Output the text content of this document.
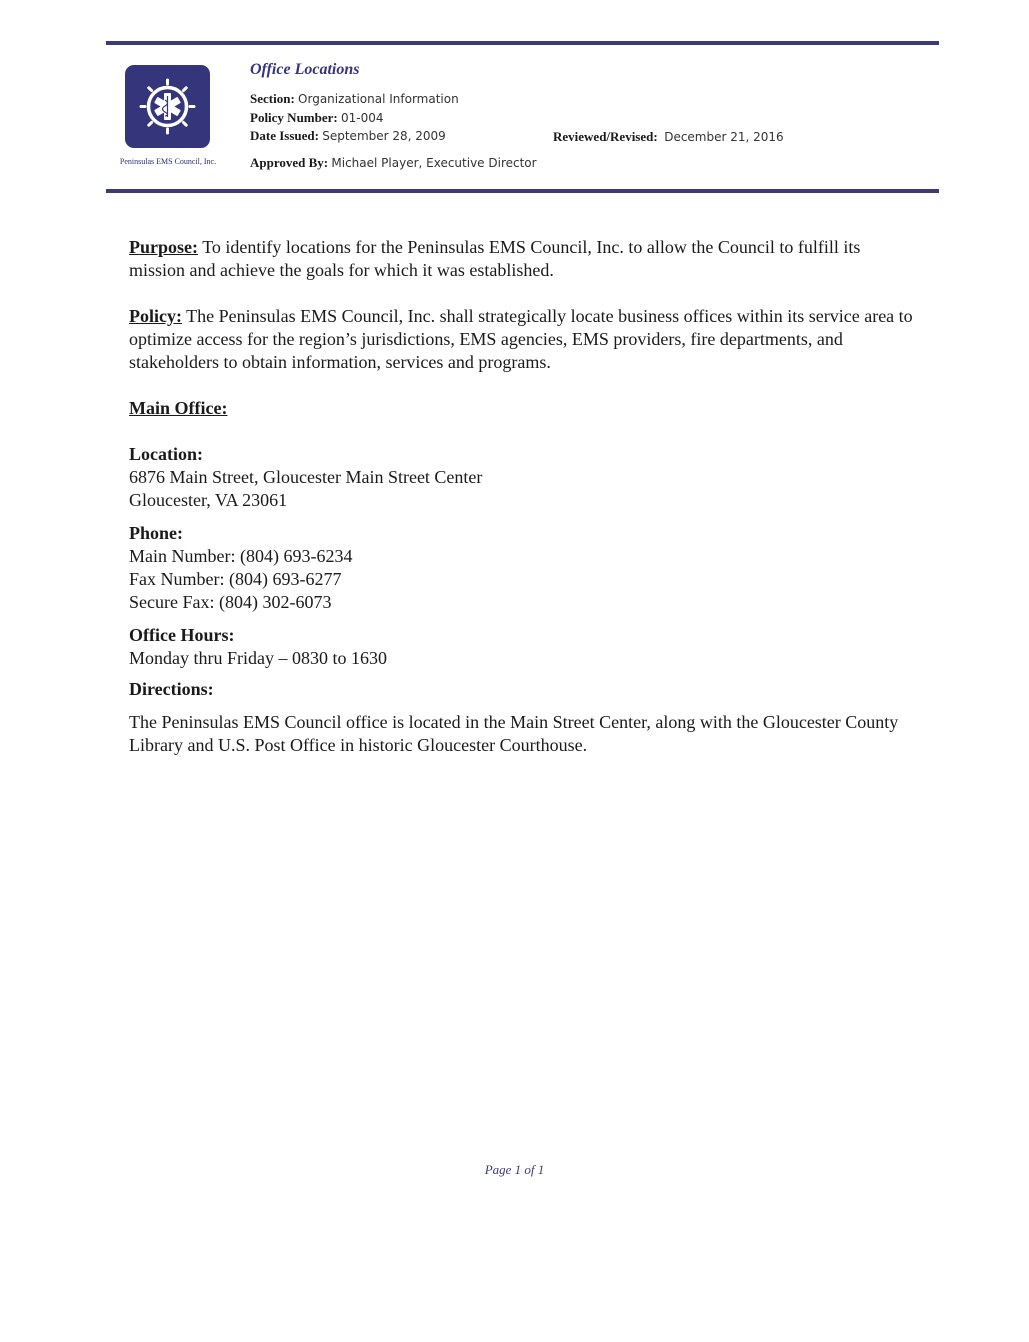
Peninsulas EMS Council, Inc.
Office Locations
Section: Organizational Information
Policy Number: 01-004
Date Issued: September 28, 2009	Reviewed/Revised: December 21, 2016
Approved By: Michael Player, Executive Director

Purpose: To identify locations for the Peninsulas EMS Council, Inc. to allow the Council to fulfill its mission and achieve the goals for which it was established.

Policy: The Peninsulas EMS Council, Inc. shall strategically locate business offices within its service area to optimize access for the region’s jurisdictions, EMS agencies, EMS providers, fire departments, and stakeholders to obtain information, services and programs.

Main Office:

Location:

6876 Main Street, Gloucester Main Street Center

Gloucester, VA 23061

Phone:

Main Number: (804) 693-6234

Fax Number: (804) 693-6277

Secure Fax: (804) 302-6073

Office Hours:

Monday thru Friday – 0830 to 1630

Directions:

The Peninsulas EMS Council office is located in the Main Street Center, along with the Gloucester County Library and U.S. Post Office in historic Gloucester Courthouse.

Page 1 of 1
